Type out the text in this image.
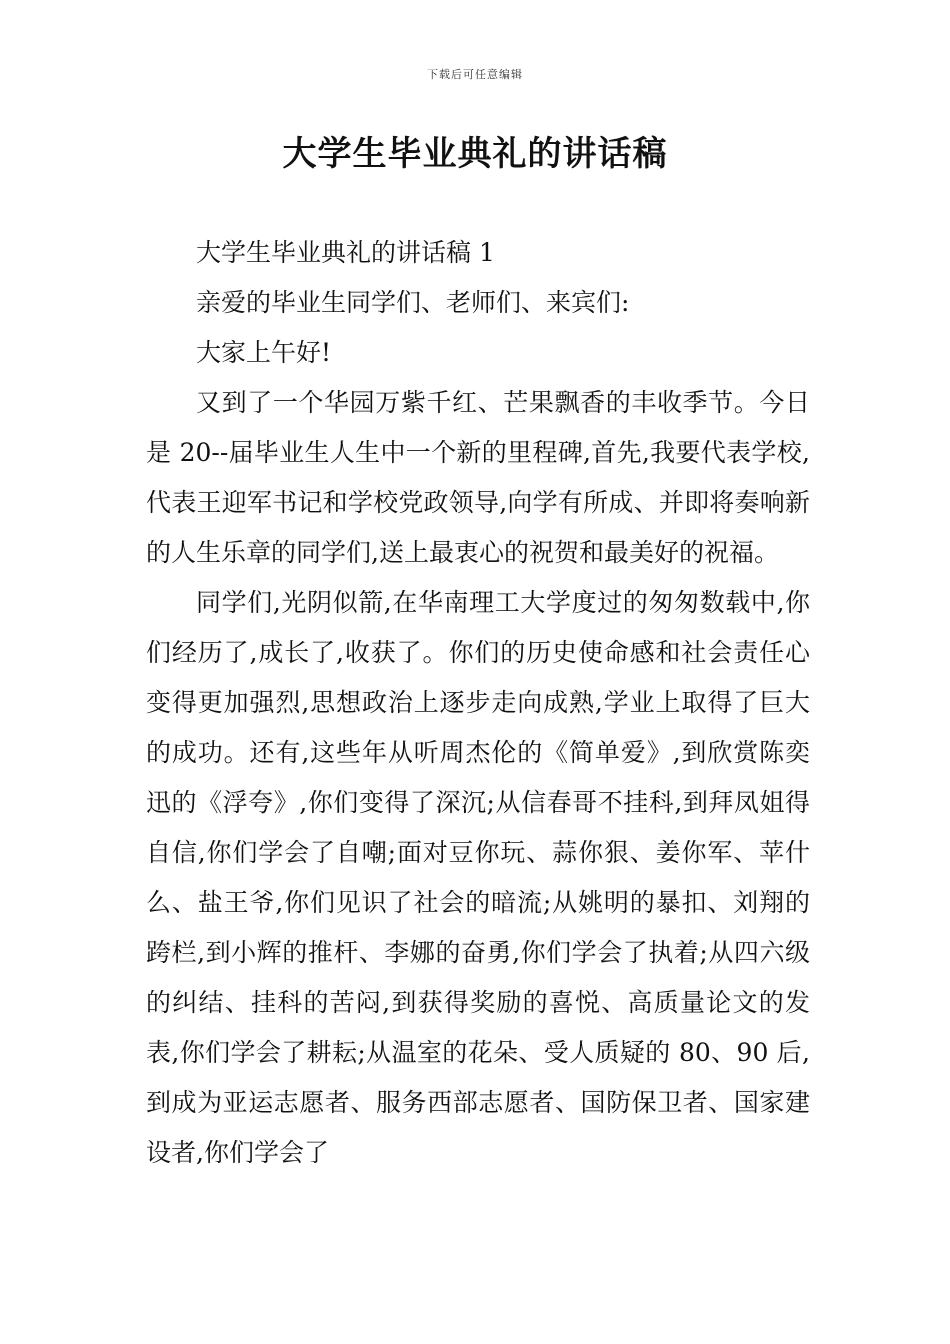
下载后可任意编辑
大学生毕业典礼的讲话稿

大学生毕业典礼的讲话稿 1

亲爱的毕业生同学们、老师们、来宾们:

大家上午好!

又到了一个华园万紫千红、芒果飘香的丰收季节。今日是 20--届毕业生人生中一个新的里程碑,首先,我要代表学校,代表王迎军书记和学校党政领导,向学有所成、并即将奏响新的人生乐章的同学们,送上最衷心的祝贺和最美好的祝福。

同学们,光阴似箭,在华南理工大学度过的匆匆数载中,你们经历了,成长了,收获了。你们的历史使命感和社会责任心变得更加强烈,思想政治上逐步走向成熟,学业上取得了巨大的成功。还有,这些年从听周杰伦的《简单爱》,到欣赏陈奕迅的《浮夸》,你们变得了深沉;从信春哥不挂科,到拜凤姐得自信,你们学会了自嘲;面对豆你玩、蒜你狠、姜你军、苹什么、盐王爷,你们见识了社会的暗流;从姚明的暴扣、刘翔的跨栏,到小辉的推杆、李娜的奋勇,你们学会了执着;从四六级的纠结、挂科的苦闷,到获得奖励的喜悦、高质量论文的发表,你们学会了耕耘;从温室的花朵、受人质疑的 80、90 后,到成为亚运志愿者、服务西部志愿者、国防保卫者、国家建设者,你们学会了
